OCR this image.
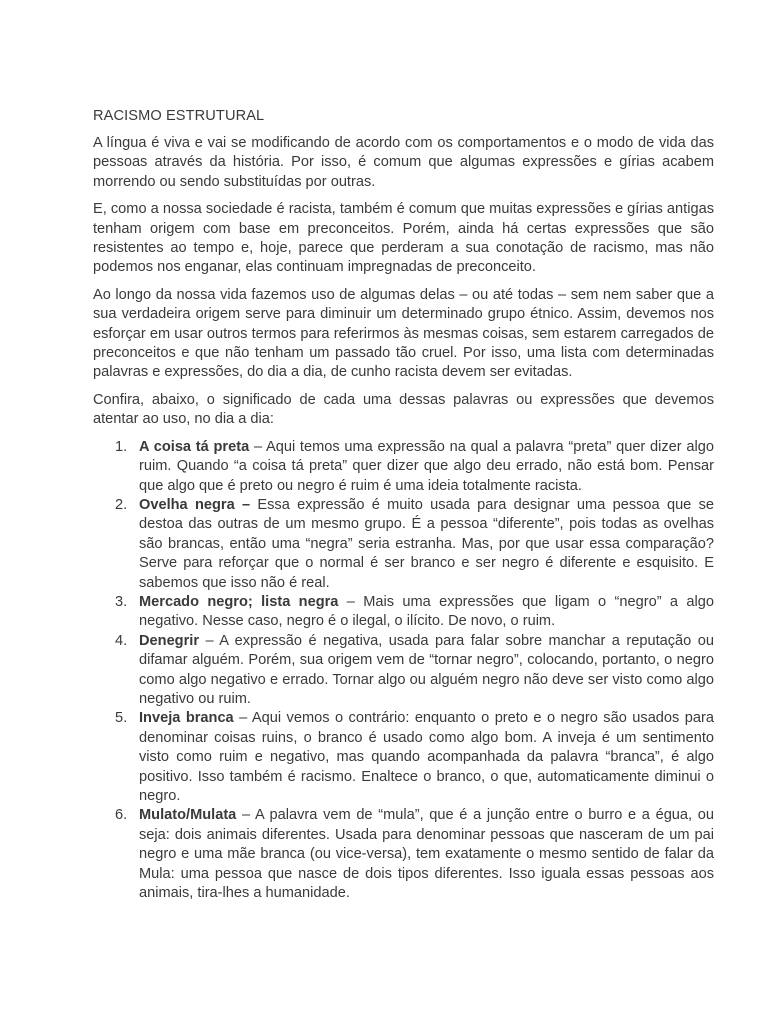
RACISMO ESTRUTURAL

A língua é viva e vai se modificando de acordo com os comportamentos e o modo de vida das pessoas através da história. Por isso, é comum que algumas expressões e gírias acabem morrendo ou sendo substituídas por outras.

E, como a nossa sociedade é racista, também é comum que muitas expressões e gírias antigas tenham origem com base em preconceitos. Porém, ainda há certas expressões que são resistentes ao tempo e, hoje, parece que perderam a sua conotação de racismo, mas não podemos nos enganar, elas continuam impregnadas de preconceito.

Ao longo da nossa vida fazemos uso de algumas delas – ou até todas – sem nem saber que a sua verdadeira origem serve para diminuir um determinado grupo étnico. Assim, devemos nos esforçar em usar outros termos para referirmos às mesmas coisas, sem estarem carregados de preconceitos e que não tenham um passado tão cruel. Por isso, uma lista com determinadas palavras e expressões, do dia a dia, de cunho racista devem ser evitadas.

Confira, abaixo, o significado de cada uma dessas palavras ou expressões que devemos atentar ao uso, no dia a dia:

1. A coisa tá preta – Aqui temos uma expressão na qual a palavra “preta” quer dizer algo ruim. Quando “a coisa tá preta” quer dizer que algo deu errado, não está bom. Pensar que algo que é preto ou negro é ruim é uma ideia totalmente racista.
2. Ovelha negra – Essa expressão é muito usada para designar uma pessoa que se destoa das outras de um mesmo grupo. É a pessoa “diferente”, pois todas as ovelhas são brancas, então uma “negra” seria estranha. Mas, por que usar essa comparação? Serve para reforçar que o normal é ser branco e ser negro é diferente e esquisito. E sabemos que isso não é real.
3. Mercado negro; lista negra – Mais uma expressões que ligam o “negro” a algo negativo. Nesse caso, negro é o ilegal, o ilícito. De novo, o ruim.
4. Denegrir – A expressão é negativa, usada para falar sobre manchar a reputação ou difamar alguém. Porém, sua origem vem de “tornar negro”, colocando, portanto, o negro como algo negativo e errado. Tornar algo ou alguém negro não deve ser visto como algo negativo ou ruim.
5. Inveja branca – Aqui vemos o contrário: enquanto o preto e o negro são usados para denominar coisas ruins, o branco é usado como algo bom. A inveja é um sentimento visto como ruim e negativo, mas quando acompanhada da palavra “branca”, é algo positivo. Isso também é racismo. Enaltece o branco, o que, automaticamente diminui o negro.
6. Mulato/Mulata – A palavra vem de “mula”, que é a junção entre o burro e a égua, ou seja: dois animais diferentes. Usada para denominar pessoas que nasceram de um pai negro e uma mãe branca (ou vice-versa), tem exatamente o mesmo sentido de falar da Mula: uma pessoa que nasce de dois tipos diferentes. Isso iguala essas pessoas aos animais, tira-lhes a humanidade.
